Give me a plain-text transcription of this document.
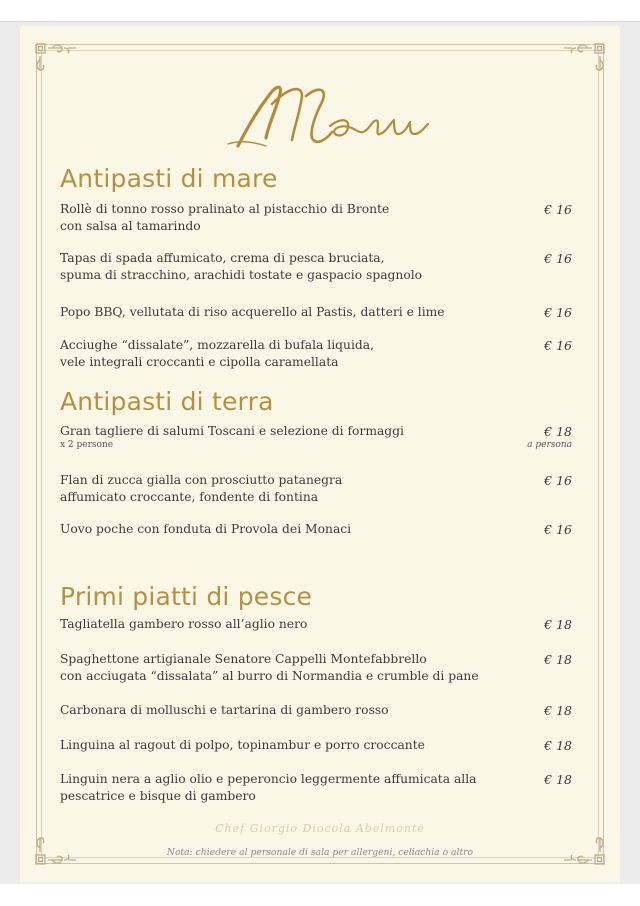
Antipasti di mare
Rollè di tonno rosso pralinato al pistacchio di Bronte
con salsa al tamarindo
€ 16
Tapas di spada affumicato, crema di pesca bruciata,
spuma di stracchino, arachidi tostate e gaspacio spagnolo
€ 16
Popo BBQ, vellutata di riso acquerello al Pastis, datteri e lime	€ 16
Acciughe “dissalate”, mozzarella di bufala liquida,
vele integrali croccanti e cipolla caramellata
€ 16
Antipasti di terra
Gran tagliere di salumi Toscani e selezione di formaggi
x 2 persone
€ 18
a persona
Flan di zucca gialla con prosciutto patanegra
affumicato croccante, fondente di fontina
€ 16
Uovo poche con fonduta di Provola dei Monaci	€ 16
Primi piatti di pesce
Tagliatella gambero rosso all’aglio nero	€ 18
Spaghettone artigianale Senatore Cappelli Montefabbrello
con acciugata “dissalata” al burro di Normandia e crumble di pane
€ 18
Carbonara di molluschi e tartarina di gambero rosso	€ 18
Linguina al ragout di polpo, topinambur e porro croccante	€ 18
Linguin nera a aglio olio e peperoncio leggermente affumicata alla
pescatrice e bisque di gambero
€ 18
Chef Giorgio Diocola Abelmonte
Nota: chiedere al personale di sala per allergeni, celiachia o altro
